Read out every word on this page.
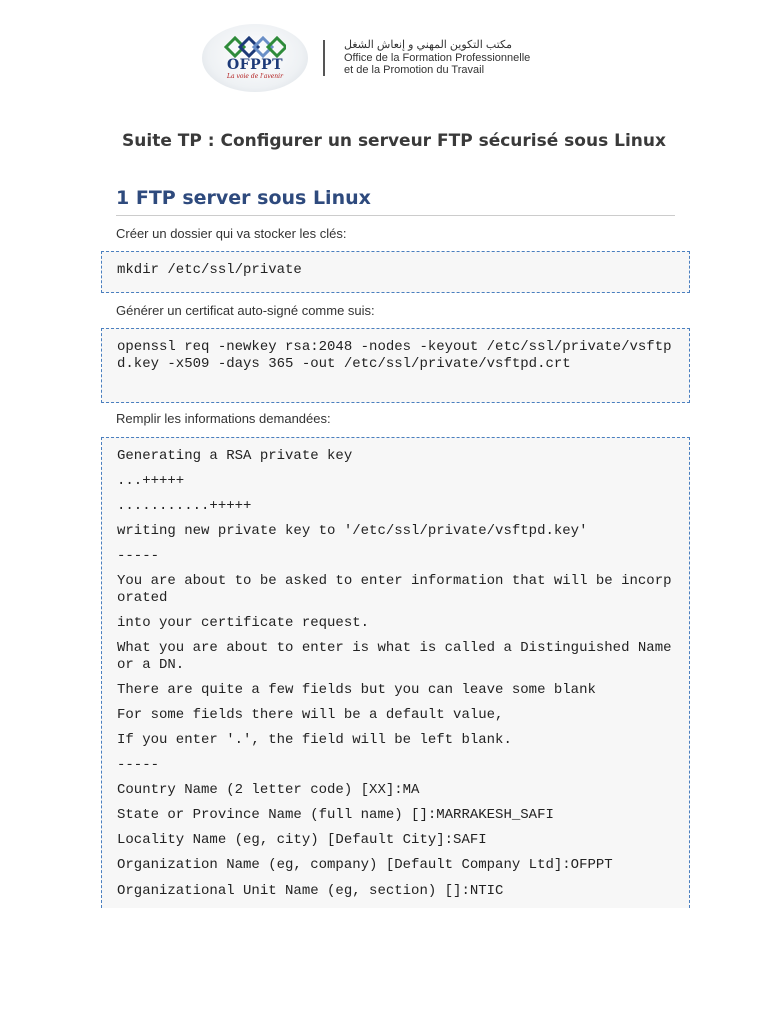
OFPPT
La voie de l'avenir
مكتب التكوين المهني و إنعاش الشغل
Office de la Formation Professionnelle
et de la Promotion du Travail
Suite TP : Configurer un serveur FTP sécurisé sous Linux
1 FTP server sous Linux
Créer un dossier qui va stocker les clés:
mkdir /etc/ssl/private
Générer un certificat auto-signé comme suis:
openssl req -newkey rsa:2048 -nodes -keyout /etc/ssl/private/vsftpd.key -x509 -days 365 -out /etc/ssl/private/vsftpd.crt
Remplir les informations demandées:
Generating a RSA private key
...+++++
...........+++++
writing new private key to '/etc/ssl/private/vsftpd.key'
-----
You are about to be asked to enter information that will be incorporated
into your certificate request.
What you are about to enter is what is called a Distinguished Name or a DN.
There are quite a few fields but you can leave some blank
For some fields there will be a default value,
If you enter '.', the field will be left blank.
-----
Country Name (2 letter code) [XX]:MA
State or Province Name (full name) []:MARRAKESH_SAFI
Locality Name (eg, city) [Default City]:SAFI
Organization Name (eg, company) [Default Company Ltd]:OFPPT
Organizational Unit Name (eg, section) []:NTIC
